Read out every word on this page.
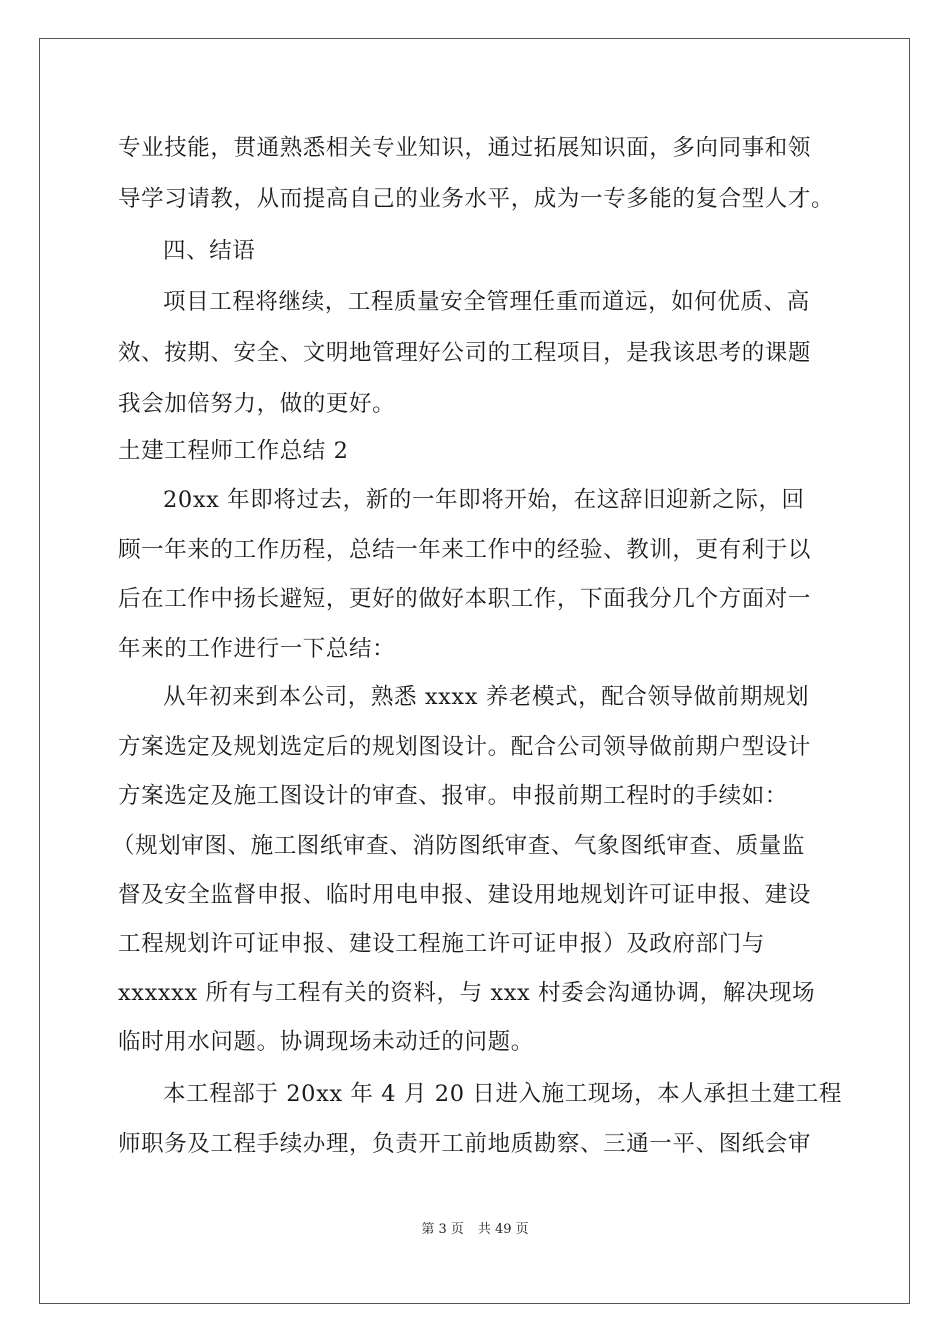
专业技能，贯通熟悉相关专业知识，通过拓展知识面，多向同事和领
导学习请教，从而提高自己的业务水平，成为一专多能的复合型人才。
四、结语
项目工程将继续，工程质量安全管理任重而道远，如何优质、高
效、按期、安全、文明地管理好公司的工程项目，是我该思考的课题
我会加倍努力，做的更好。
土建工程师工作总结 2
20xx 年即将过去，新的一年即将开始，在这辞旧迎新之际，回
顾一年来的工作历程，总结一年来工作中的经验、教训，更有利于以
后在工作中扬长避短，更好的做好本职工作，下面我分几个方面对一
年来的工作进行一下总结：
从年初来到本公司，熟悉 xxxx 养老模式，配合领导做前期规划
方案选定及规划选定后的规划图设计。配合公司领导做前期户型设计
方案选定及施工图设计的审查、报审。申报前期工程时的手续如：
（规划审图、施工图纸审查、消防图纸审查、气象图纸审查、质量监
督及安全监督申报、临时用电申报、建设用地规划许可证申报、建设
工程规划许可证申报、建设工程施工许可证申报）及政府部门与
xxxxxx 所有与工程有关的资料，与 xxx 村委会沟通协调，解决现场
临时用水问题。协调现场未动迁的问题。
本工程部于 20xx 年 4 月 20 日进入施工现场，本人承担土建工程
师职务及工程手续办理，负责开工前地质勘察、三通一平、图纸会审
第 3 页 共 49 页
